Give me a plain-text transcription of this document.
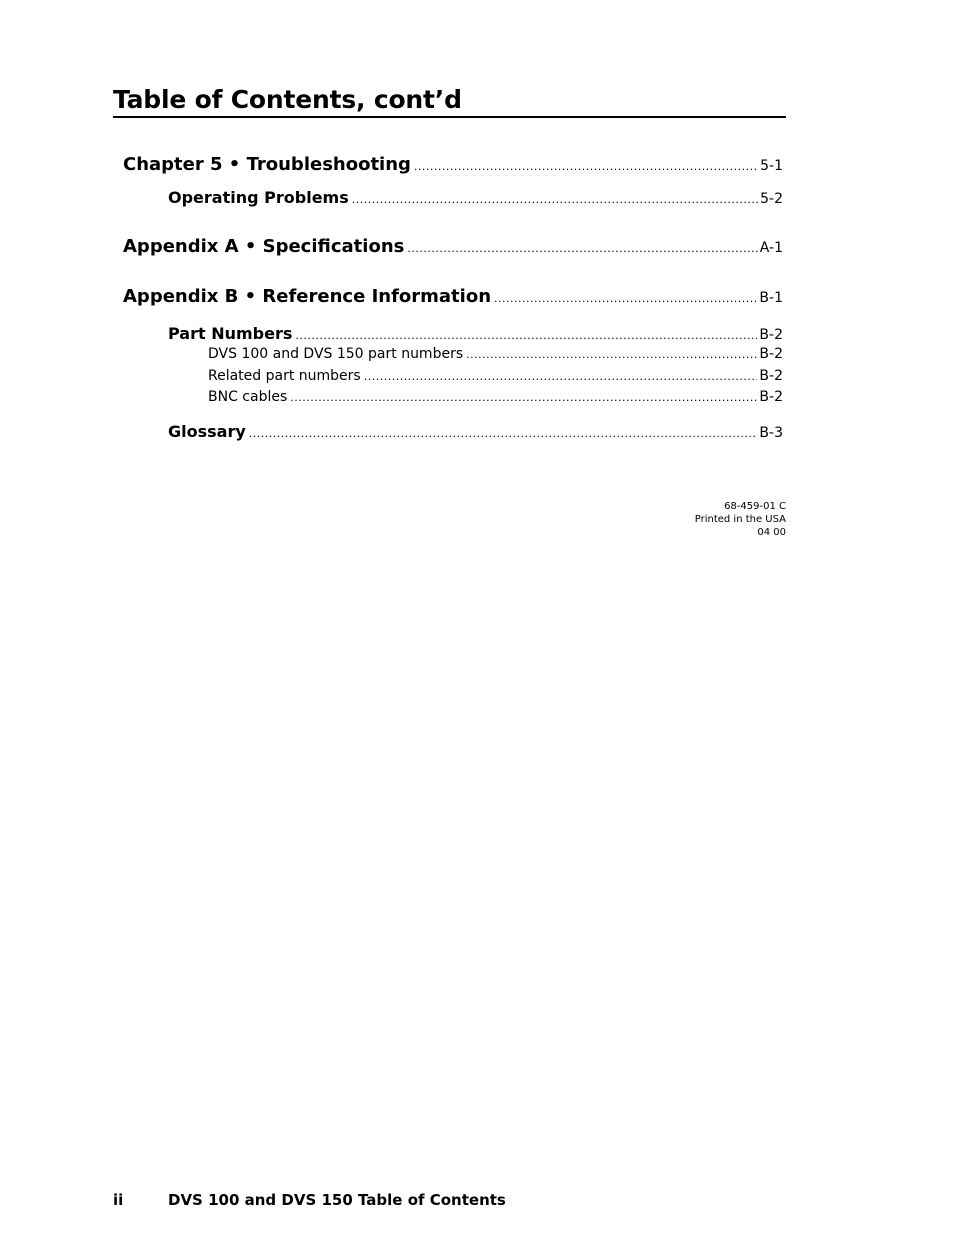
Table of Contents, cont’d
Chapter 5 • Troubleshooting .....	5-1
Operating Problems .....	5-2
Appendix A • Specifications .....	A-1
Appendix B • Reference Information .....	B-1
Part Numbers .....	B-2
DVS 100 and DVS 150 part numbers .....	B-2
Related part numbers .....	B-2
BNC cables .....	B-2
Glossary .....	B-3
68-459-01 C
Printed in the USA
04 00
ii	DVS 100 and DVS 150 Table of Contents
